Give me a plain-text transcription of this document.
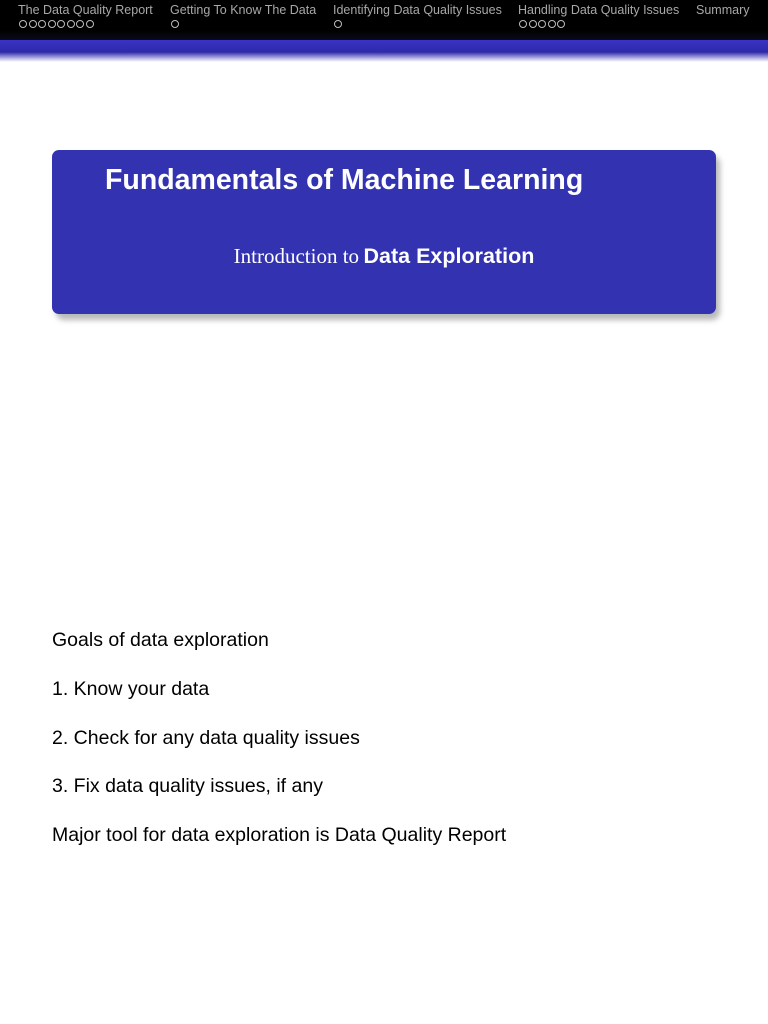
The Data Quality Report Getting To Know The Data Identifying Data Quality Issues Handling Data Quality Issues Summary
Fundamentals of Machine Learning
Introduction to Data Exploration
Goals of data exploration
1. Know your data
2. Check for any data quality issues
3. Fix data quality issues, if any
Major tool for data exploration is Data Quality Report
